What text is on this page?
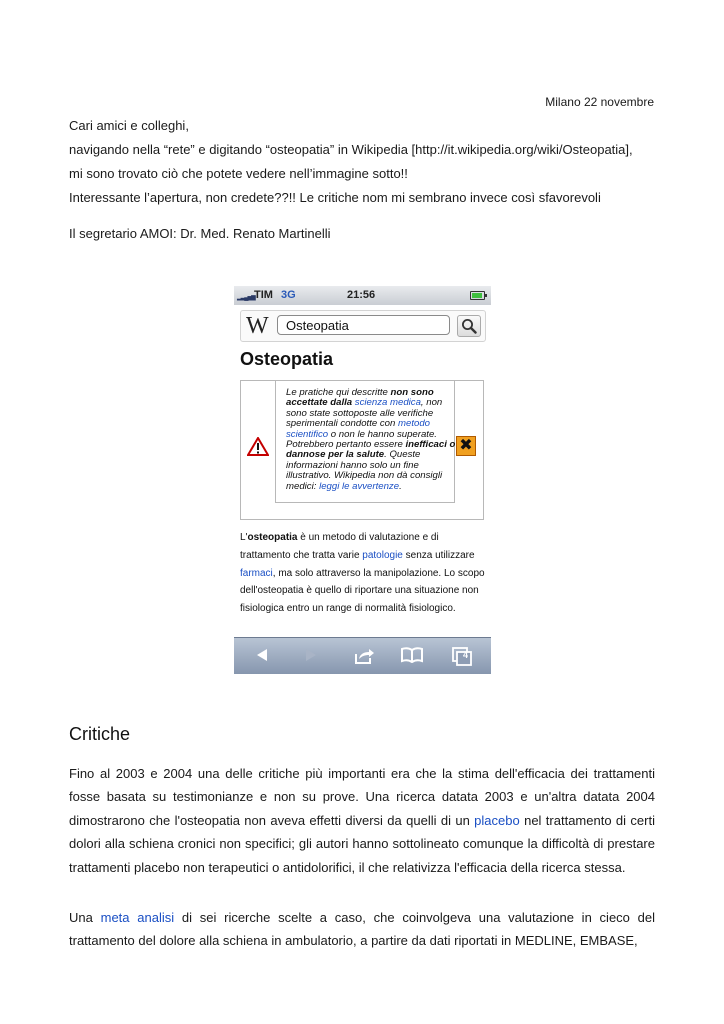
Milano 22 novembre

Cari amici e colleghi,

navigando nella “rete” e digitando “osteopatia” in Wikipedia [http://it.wikipedia.org/wiki/Osteopatia],

mi sono trovato ciò che potete vedere nell’immagine sotto!!

Interessante l’apertura, non credete??!! Le critiche nom mi sembrano invece così sfavorevoli

Il segretario AMOI: Dr. Med. Renato Martinelli
▂▃▄▅▆ TIM 3G	21:56
W	Osteopatia
Osteopatia
Le pratiche qui descritte non sono accettate dalla scienza medica, non sono state sottoposte alle verifiche sperimentali condotte con metodo scientifico o non le hanno superate. Potrebbero pertanto essere inefficaci o dannose per la salute. Queste informazioni hanno solo un fine illustrativo. Wikipedia non dà consigli medici: leggi le avvertenze.
✖
L'osteopatia è un metodo di valutazione e di trattamento che tratta varie patologie senza utilizzare farmaci, ma solo attraverso la manipolazione. Lo scopo dell'osteopatia è quello di riportare una situazione non fisiologica entro un range di normalità fisiologico.
4
Critiche

Fino al 2003 e 2004 una delle critiche più importanti era che la stima dell'efficacia dei trattamenti fosse basata su testimonianze e non su prove. Una ricerca datata 2003 e un'altra datata 2004 dimostrarono che l'osteopatia non aveva effetti diversi da quelli di un placebo nel trattamento di certi dolori alla schiena cronici non specifici; gli autori hanno sottolineato comunque la difficoltà di prestare trattamenti placebo non terapeutici o antidolorifici, il che relativizza l'efficacia della ricerca stessa.

Una meta analisi di sei ricerche scelte a caso, che coinvolgeva una valutazione in cieco del trattamento del dolore alla schiena in ambulatorio, a partire da dati riportati in MEDLINE, EMBASE,
